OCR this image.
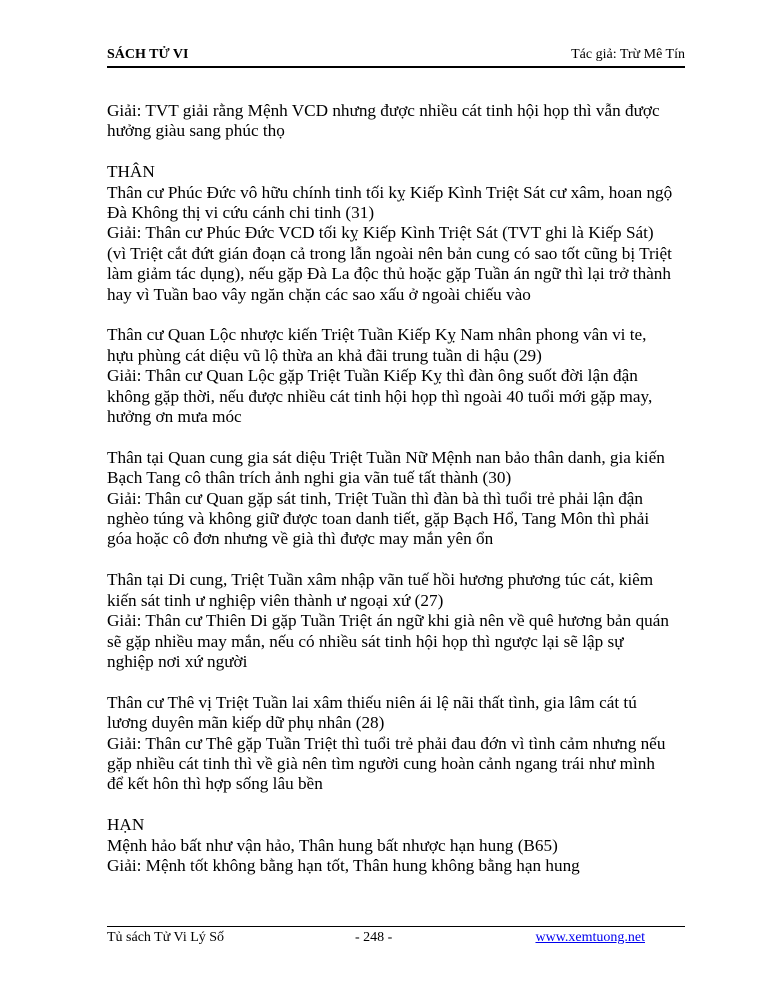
SÁCH TỬ VI	Tác giả: Trừ Mê Tín

Giải: TVT giải rằng Mệnh VCD nhưng được nhiều cát tinh hội họp thì vẫn được
hưởng giàu sang phúc thọ

THÂN

Thân cư Phúc Đức vô hữu chính tinh tối kỵ Kiếp Kình Triệt Sát cư xâm, hoan ngộ
Đà Không thị vi cứu cánh chi tinh (31)

Giải: Thân cư Phúc Đức VCD tối kỵ Kiếp Kình Triệt Sát (TVT ghi là Kiếp Sát)
(vì Triệt cắt đứt gián đoạn cả trong lẫn ngoài nên bản cung có sao tốt cũng bị Triệt
làm giảm tác dụng), nếu gặp Đà La độc thủ hoặc gặp Tuần án ngữ thì lại trở thành
hay vì Tuần bao vây ngăn chặn các sao xấu ở ngoài chiếu vào

Thân cư Quan Lộc nhược kiến Triệt Tuần Kiếp Kỵ Nam nhân phong vân vi te,
hựu phùng cát diệu vũ lộ thừa an khả đãi trung tuần di hậu (29)

Giải: Thân cư Quan Lộc gặp Triệt Tuần Kiếp Kỵ thì đàn ông suốt đời lận đận
không gặp thời, nếu được nhiều cát tinh hội họp thì ngoài 40 tuổi mới gặp may,
hưởng ơn mưa móc

Thân tại Quan cung gia sát diệu Triệt Tuần Nữ Mệnh nan bảo thân danh, gia kiến
Bạch Tang cô thân trích ảnh nghi gia vãn tuế tất thành (30)

Giải: Thân cư Quan gặp sát tinh, Triệt Tuần thì đàn bà thì tuổi trẻ phải lận đận
nghèo túng và không giữ được toan danh tiết, gặp Bạch Hổ, Tang Môn thì phải
góa hoặc cô đơn nhưng về già thì được may mắn yên ổn

Thân tại Di cung, Triệt Tuần xâm nhập vãn tuế hồi hương phương túc cát, kiêm
kiến sát tinh ư nghiệp viên thành ư ngoại xứ (27)

Giải: Thân cư Thiên Di gặp Tuần Triệt án ngữ khi già nên về quê hương bản quán
sẽ gặp nhiều may mắn, nếu có nhiều sát tinh hội họp thì ngược lại sẽ lập sự
nghiệp nơi xứ người

Thân cư Thê vị Triệt Tuần lai xâm thiếu niên ái lệ nãi thất tình, gia lâm cát tú
lương duyên mãn kiếp dữ phụ nhân (28)

Giải: Thân cư Thê gặp Tuần Triệt thì tuổi trẻ phải đau đớn vì tình cảm nhưng nếu
gặp nhiều cát tinh thì về già nên tìm người cung hoàn cảnh ngang trái như mình
để kết hôn thì hợp sống lâu bền

HẠN

Mệnh hảo bất như vận hảo, Thân hung bất nhược hạn hung (B65)

Giải: Mệnh tốt không bằng hạn tốt, Thân hung không bằng hạn hung

Tủ sách Tử Vi Lý Số	- 248 -	www.xemtuong.net
